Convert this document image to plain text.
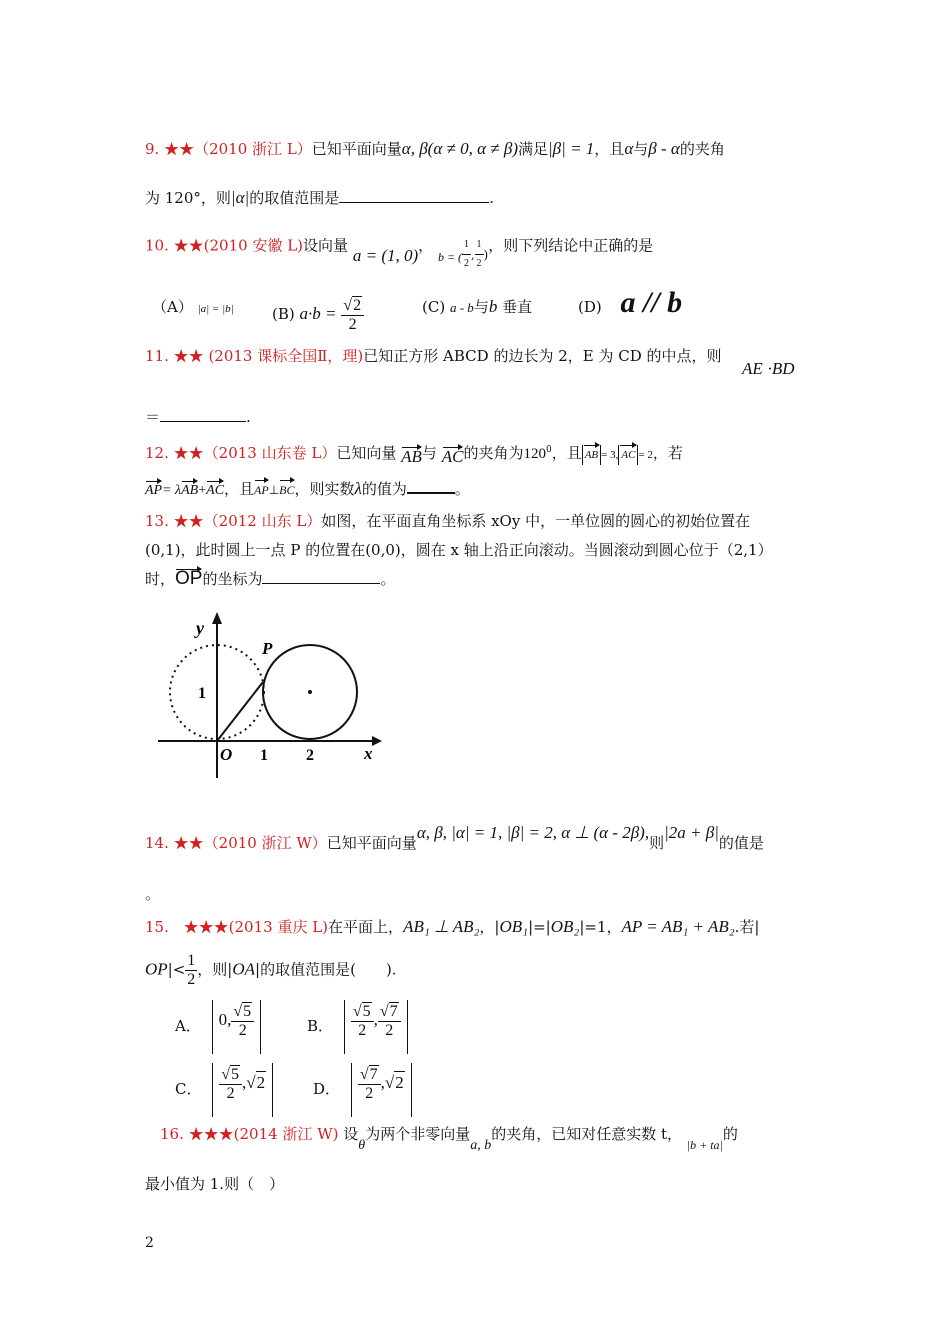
9. ★★（2010 浙江 L）已知平面向量α, β(α ≠ 0, α ≠ β)满足|β| = 1，且α与β - α的夹角
为 120°，则|α|的取值范围是	.
10. ★★(2010 安徽 L)设向量 a = (1, 0)， $_{b = (} \frac{1}{2} _, \frac{1}{2} _)$，则下列结论中正确的是
（A） |a| = |b|	(B) $a\cdot b = \frac{√2}{2}$	(C) a - b与b 垂直	(D) a // b
11. ★★ (2013 课标全国Ⅱ，理)已知正方形 ABCD 的边长为 2，E 为 CD 的中点，则
AE ·BD
＝	.
12. ★★（2013 山东卷 L）已知向量 AB与 AC的夹角为$120^0$，且 AB = 3, AC = 2，若
AP= λAB+AC，且AP⊥BC，则实数λ的值为	。
13. ★★（2012 山东 L）如图，在平面直角坐标系 xOy 中，一单位圆的圆心的初始位置在
(0,1)，此时圆上一点 P 的位置在(0,0)，圆在 x 轴上沿正向滚动。当圆滚动到圆心位于（2,1）
时，OP的坐标为	。
y
P
1
O 1 2	x
14. ★★（2010 浙江 W）已知平面向量α, β, |α| = 1, |β| = 2, α ⊥ (α - 2β),则|2a + β|的值是
。
15. ★★★(2013 重庆 L)在平面上，AB₁ ⊥ AB₂，|OB₁|=|OB₂|=1，AP = AB₁ + AB₂.若|
$OP|< \frac{1}{2}$ ，则|OA|的取值范围是(　　).
A． 0, $\frac{√5}{2}$	B． $\frac{√5}{2}$ , $\frac{√7}{2}$
C． $\frac{√5}{2} ,√2$	D． $\frac{√7}{2} ,√2$
16. ★★★(2014 浙江 W) 设θ为两个非零向量a, b的夹角，已知对任意实数 t， $_{|b + ta|}$的
最小值为 1.则（　）
2
